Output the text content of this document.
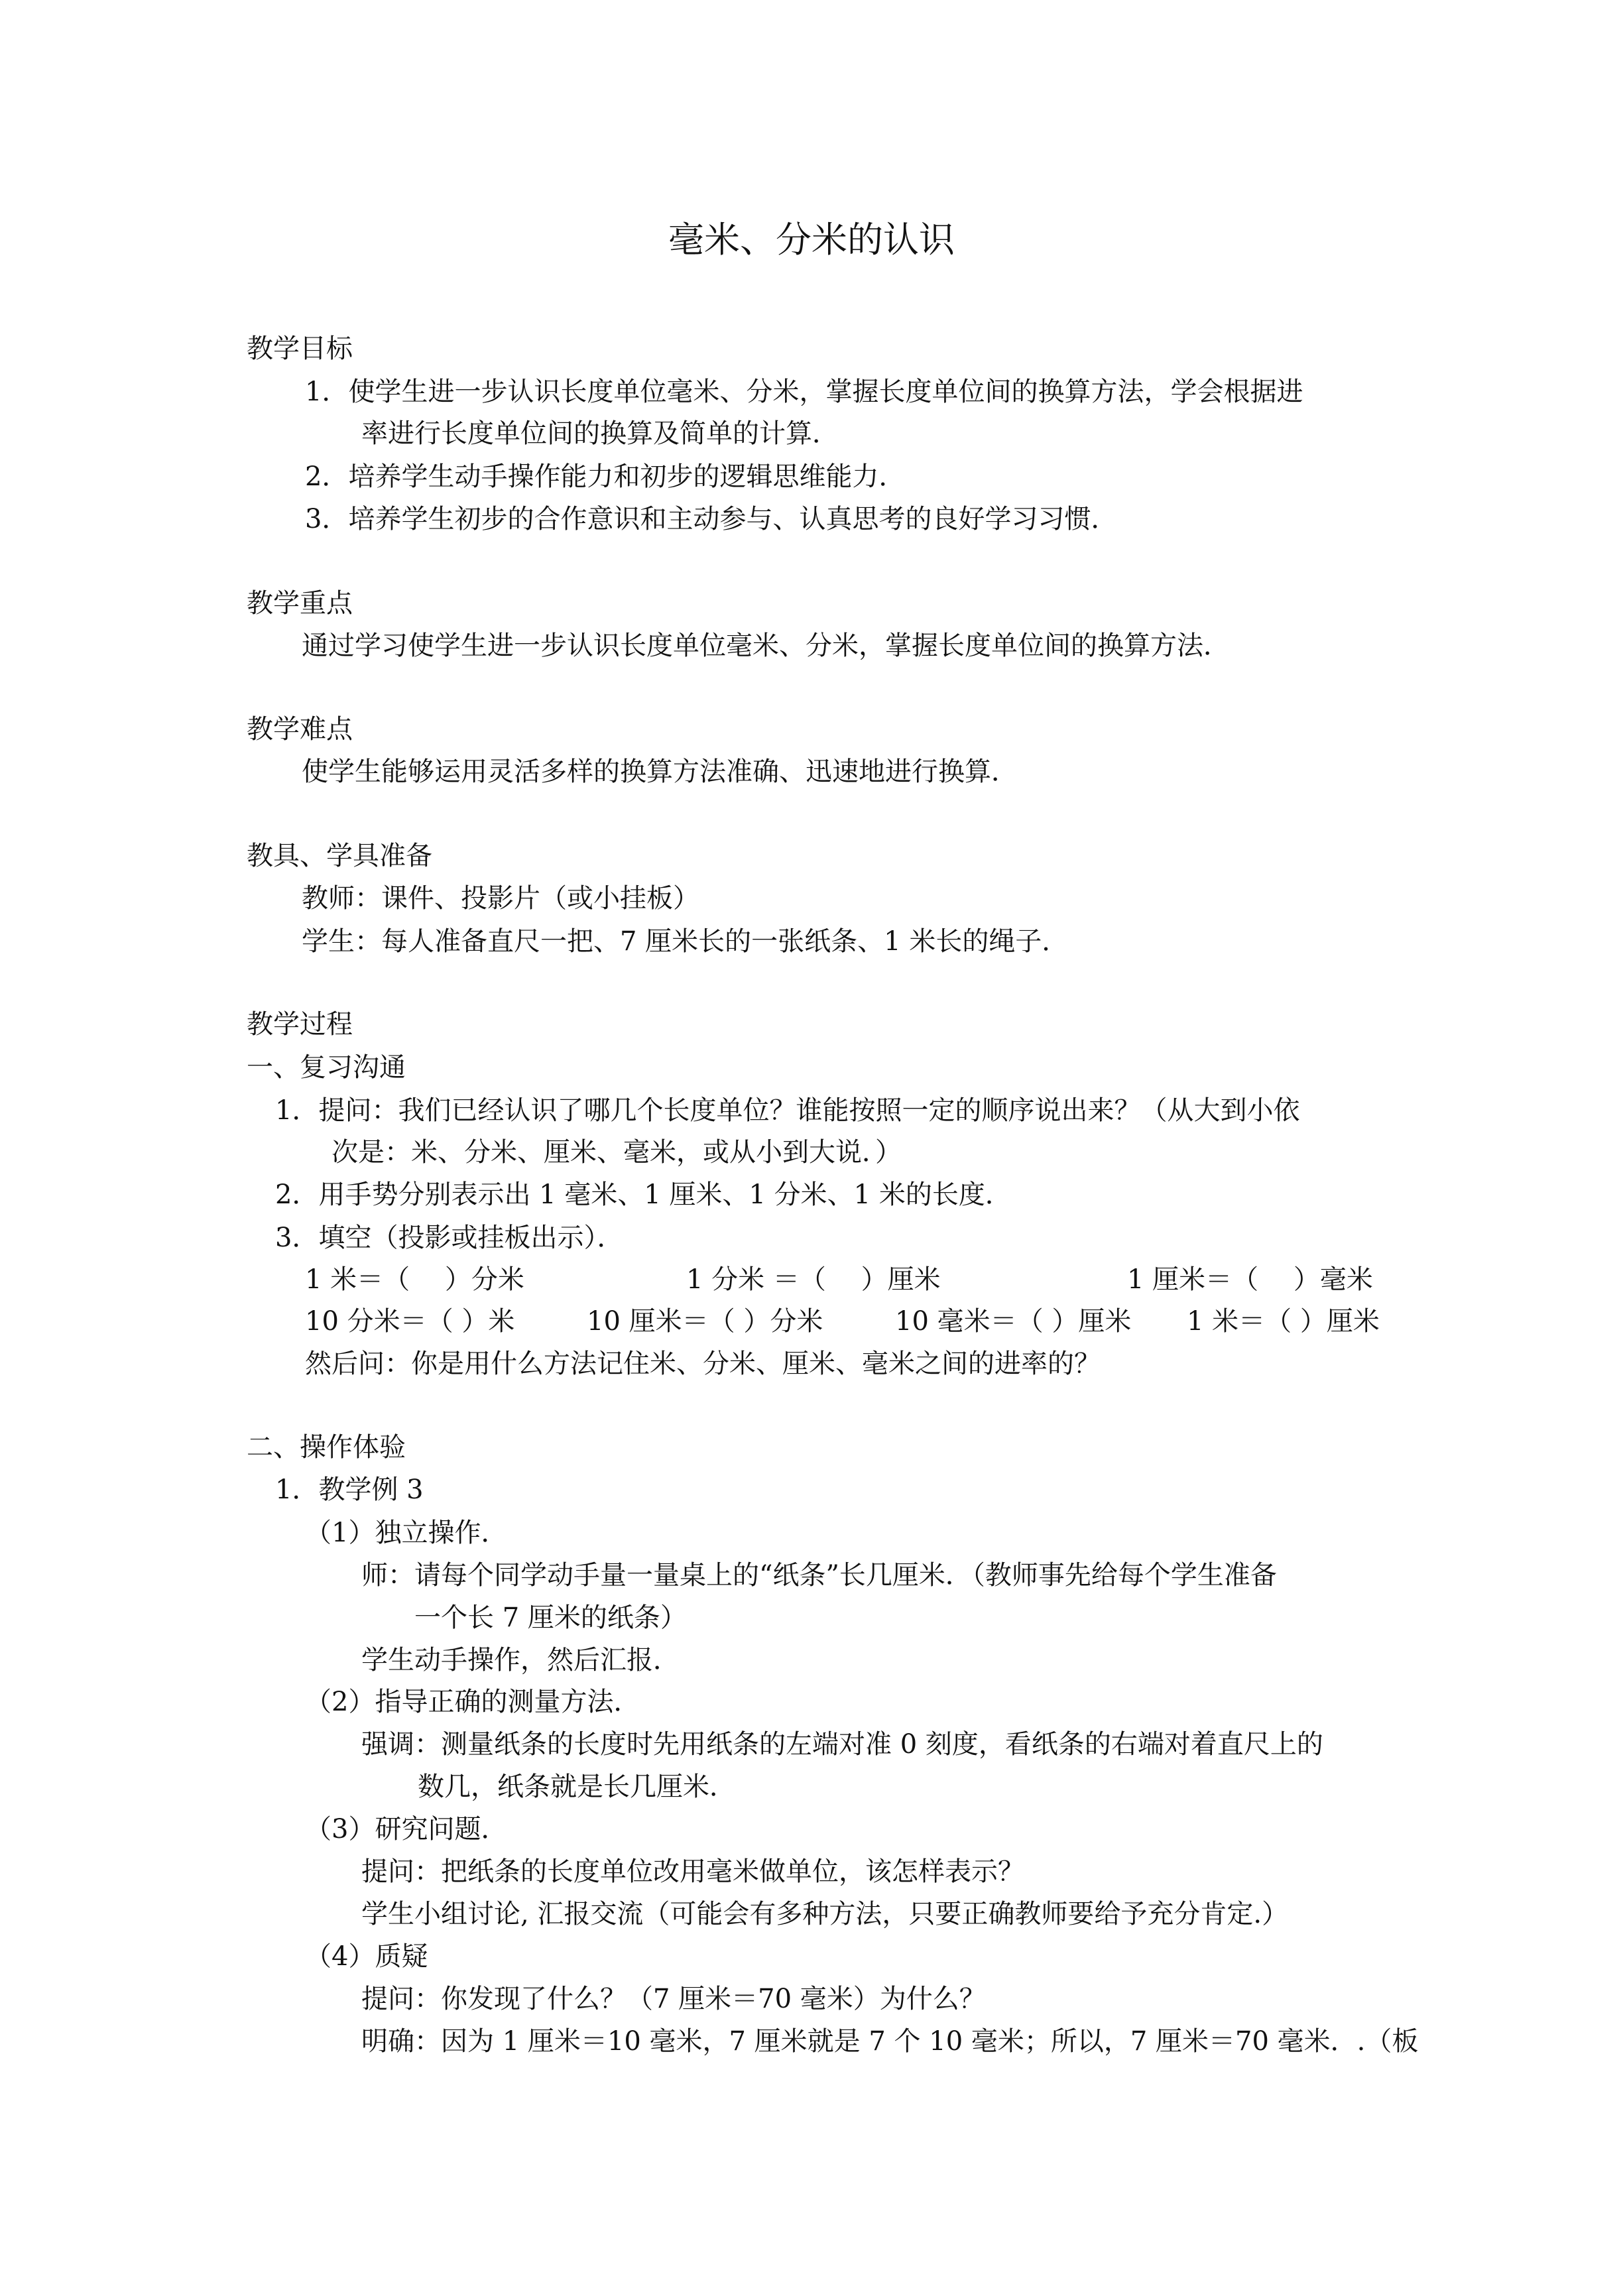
毫米、分米的认识
教学目标
1．使学生进一步认识长度单位毫米、分米，掌握长度单位间的换算方法，学会根据进
率进行长度单位间的换算及简单的计算．
2．培养学生动手操作能力和初步的逻辑思维能力．
3．培养学生初步的合作意识和主动参与、认真思考的良好学习习惯．
教学重点
通过学习使学生进一步认识长度单位毫米、分米，掌握长度单位间的换算方法．
教学难点
使学生能够运用灵活多样的换算方法准确、迅速地进行换算．
教具、学具准备
教师：课件、投影片（或小挂板）
学生：每人准备直尺一把、7 厘米长的一张纸条、1 米长的绳子．
教学过程
一、复习沟通
1．提问：我们已经认识了哪几个长度单位？谁能按照一定的顺序说出来？（从大到小依
次是：米、分米、厘米、毫米，或从小到大说．）
2．用手势分别表示出 1 毫米、1 厘米、1 分米、1 米的长度．
3．填空（投影或挂板出示）．
1 米＝（　 ）分米	1 分米 ＝（　 ）厘米	1 厘米＝（　 ）毫米
10 分米＝（ ）米	10 厘米＝（ ）分米	10 毫米＝（ ）厘米 1 米＝（ ）厘米
然后问：你是用什么方法记住米、分米、厘米、毫米之间的进率的？
二、操作体验
1．教学例 3
（1）独立操作．
师：请每个同学动手量一量桌上的“纸条”长几厘米．（教师事先给每个学生准备
一个长 7 厘米的纸条）
学生动手操作，然后汇报．
（2）指导正确的测量方法．
强调：测量纸条的长度时先用纸条的左端对准 0 刻度，看纸条的右端对着直尺上的
数几，纸条就是长几厘米．
（3）研究问题．
提问：把纸条的长度单位改用毫米做单位，该怎样表示？
学生小组讨论, 汇报交流（可能会有多种方法，只要正确教师要给予充分肯定.）
（4）质疑
提问：你发现了什么？（7 厘米＝70 毫米）为什么？
明确：因为 1 厘米＝10 毫米，7 厘米就是 7 个 10 毫米；所以，7 厘米＝70 毫米．.（板
